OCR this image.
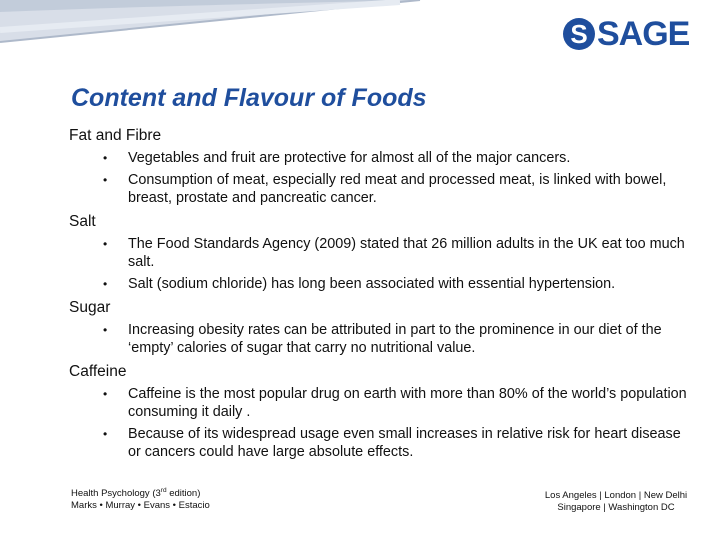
S SAGE
Content and Flavour of Foods
Fat and Fibre
• Vegetables and fruit are protective for almost all of the major cancers.
• Consumption of meat, especially red meat and processed meat, is linked with bowel, breast, prostate and pancreatic cancer.
Salt
• The Food Standards Agency (2009) stated that 26 million adults in the UK eat too much salt.
• Salt (sodium chloride) has long been associated with essential hypertension.
Sugar
• Increasing obesity rates can be attributed in part to the prominence in our diet of the ‘empty’ calories of sugar that carry no nutritional value.
Caffeine
• Caffeine is the most popular drug on earth with more than 80% of the world’s population consuming it daily .
• Because of its widespread usage even small increases in relative risk for heart disease or cancers could have large absolute effects.
Health Psychology (3rd edition)
Marks • Murray • Evans • Estacio
Los Angeles | London | New Delhi
Singapore | Washington DC
